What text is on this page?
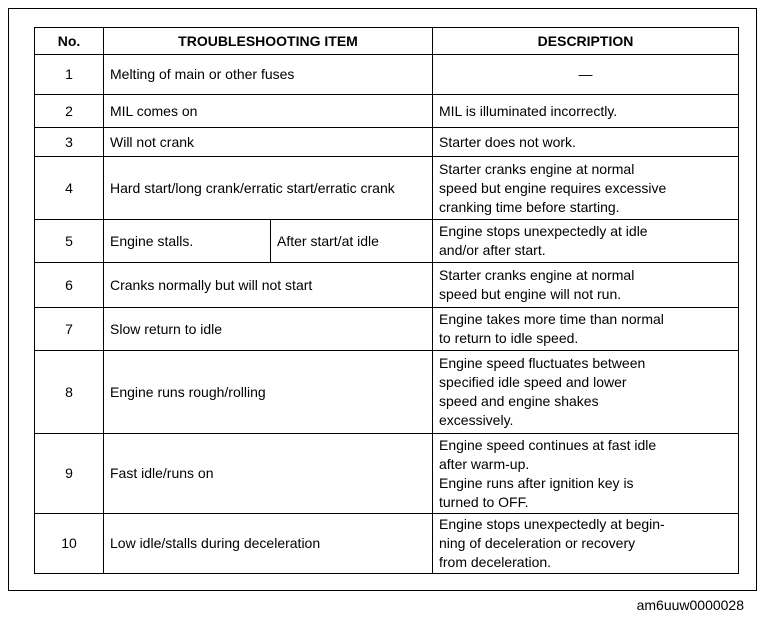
No.	TROUBLESHOOTING ITEM	DESCRIPTION
1	Melting of main or other fuses	—

2	MIL comes on	MIL is illuminated incorrectly.

3	Will not crank	Starter does not work.

4	Hard start/long crank/erratic start/erratic crank	Starter cranks engine at normal
speed but engine requires excessive
cranking time before starting.

5	Engine stalls. After start/at idle	Engine stops unexpectedly at idle
and/or after start.

6	Cranks normally but will not start	Starter cranks engine at normal
speed but engine will not run.

7	Slow return to idle	Engine takes more time than normal
to return to idle speed.

8	Engine runs rough/rolling	Engine speed fluctuates between
specified idle speed and lower
speed and engine shakes
excessively.

9	Fast idle/runs on	Engine speed continues at fast idle
after warm-up.
Engine runs after ignition key is
turned to OFF.

10	Low idle/stalls during deceleration	Engine stops unexpectedly at begin-
ning of deceleration or recovery
from deceleration.
am6uuw0000028
